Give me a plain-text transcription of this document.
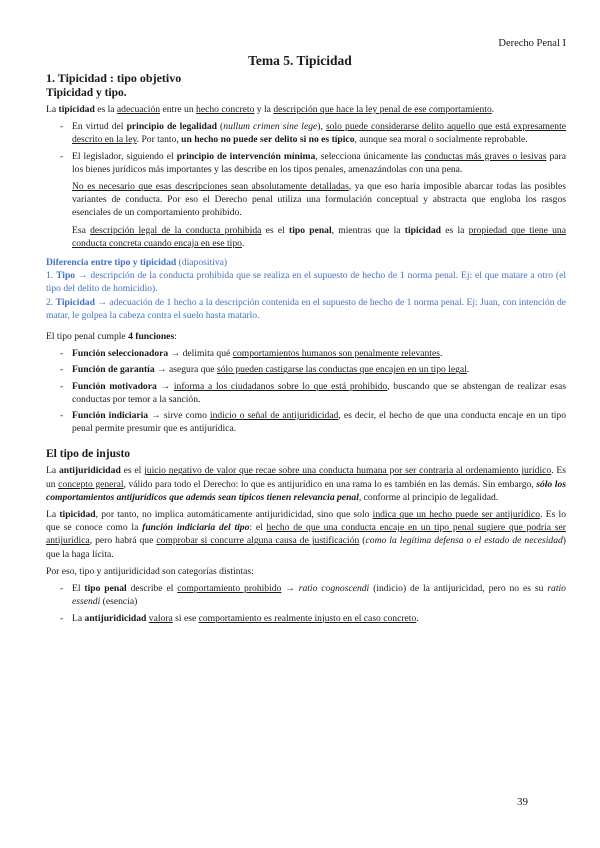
Derecho Penal I
Tema 5. Tipicidad
1. Tipicidad : tipo objetivo
Tipicidad y tipo.

La tipicidad es la adecuación entre un hecho concreto y la descripción que hace la ley penal de ese comportamiento.

- En virtud del principio de legalidad (nullum crimen sine lege), solo puede considerarse delito aquello que está expresamente descrito en la ley. Por tanto, un hecho no puede ser delito si no es típico, aunque sea moral o socialmente reprobable.
- El legislador, siguiendo el principio de intervención mínima, selecciona únicamente las conductas más graves o lesivas para los bienes jurídicos más importantes y las describe en los tipos penales, amenazándolas con una pena.

No es necesario que esas descripciones sean absolutamente detalladas, ya que eso haría imposible abarcar todas las posibles variantes de conducta. Por eso el Derecho penal utiliza una formulación conceptual y abstracta que engloba los rasgos esenciales de un comportamiento prohibido.

Esa descripción legal de la conducta prohibida es el tipo penal, mientras que la tipicidad es la propiedad que tiene una conducta concreta cuando encaja en ese tipo.

Diferencia entre tipo y tipicidad (diapositiva)
1. Tipo → descripción de la conducta prohibida que se realiza en el supuesto de hecho de 1 norma penal. Ej: el que matare a otro (el tipo del delito de homicidio).
2. Tipicidad → adecuación de 1 hecho a la descripción contenida en el supuesto de hecho de 1 norma penal. Ej: Juan, con intención de matar, le golpea la cabeza contra el suelo hasta matarlo.

El tipo penal cumple 4 funciones:

- Función seleccionadora → delimita qué comportamientos humanos son penalmente relevantes.
- Función de garantía → asegura que sólo pueden castigarse las conductas que encajen en un tipo legal.
- Función motivadora → informa a los ciudadanos sobre lo que está prohibido, buscando que se abstengan de realizar esas conductas por temor a la sanción.
- Función indiciaria → sirve como indicio o señal de antijuridicidad, es decir, el hecho de que una conducta encaje en un tipo penal permite presumir que es antijurídica.
El tipo de injusto

La antijuridicidad es el juicio negativo de valor que recae sobre una conducta humana por ser contraria al ordenamiento jurídico. Es un concepto general, válido para todo el Derecho: lo que es antijurídico en una rama lo es también en las demás. Sin embargo, sólo los comportamientos antijurídicos que además sean típicos tienen relevancia penal, conforme al principio de legalidad.

La tipicidad, por tanto, no implica automáticamente antijuridicidad, sino que solo indica que un hecho puede ser antijurídico. Es lo que se conoce como la función indiciaria del tipo: el hecho de que una conducta encaje en un tipo penal sugiere que podría ser antijurídica, pero habrá que comprobar si concurre alguna causa de justificación (como la legítima defensa o el estado de necesidad) que la haga lícita.

Por eso, tipo y antijuridicidad son categorías distintas:

- El tipo penal describe el comportamiento prohibido → ratio cognoscendi (indicio) de la antijuricidad, pero no es su ratio essendi (esencia)
- La antijuridicidad valora si ese comportamiento es realmente injusto en el caso concreto.
39
